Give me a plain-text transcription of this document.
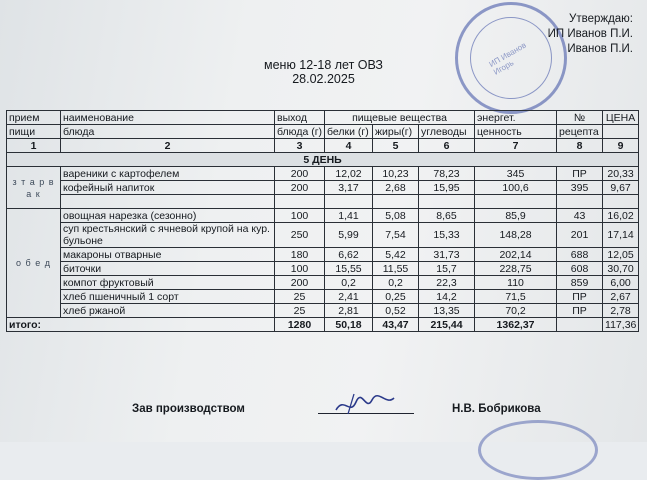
ИП Иванов Игорь
Утверждаю:
ИП Иванов П.И.
Иванов П.И.
меню 12-18 лет ОВЗ
28.02.2025
прием	наименование	выход	пищевые вещества			энергет.	№	ЦЕНА
пищи	блюда	блюда (г)	белки (г)	жиры(г)	углеводы	ценность	рецепта	
1	2	3	4	5	6	7	8	9
5 ДЕНЬ								
з т а р в а к	вареники с картофелем	200	12,02	10,23	78,23	345	ПР	20,33
	кофейный напиток	200	3,17	2,68	15,95	100,6	395	9,67

о б е д	овощная нарезка (сезонно)	100	1,41	5,08	8,65	85,9	43	16,02
	суп крестьянский с ячневой крупой на кур. бульоне	250	5,99	7,54	15,33	148,28	201	17,14
	макароны отварные	180	6,62	5,42	31,73	202,14	688	12,05
	биточки	100	15,55	11,55	15,7	228,75	608	30,70
	компот фруктовый	200	0,2	0,2	22,3	110	859	6,00
	хлеб пшеничный 1 сорт	25	2,41	0,25	14,2	71,5	ПР	2,67
	хлеб ржаной	25	2,81	0,52	13,35	70,2	ПР	2,78
итого:		1280	50,18	43,47	215,44	1362,37		117,36
Зав производством	Н.В. Бобрикова
